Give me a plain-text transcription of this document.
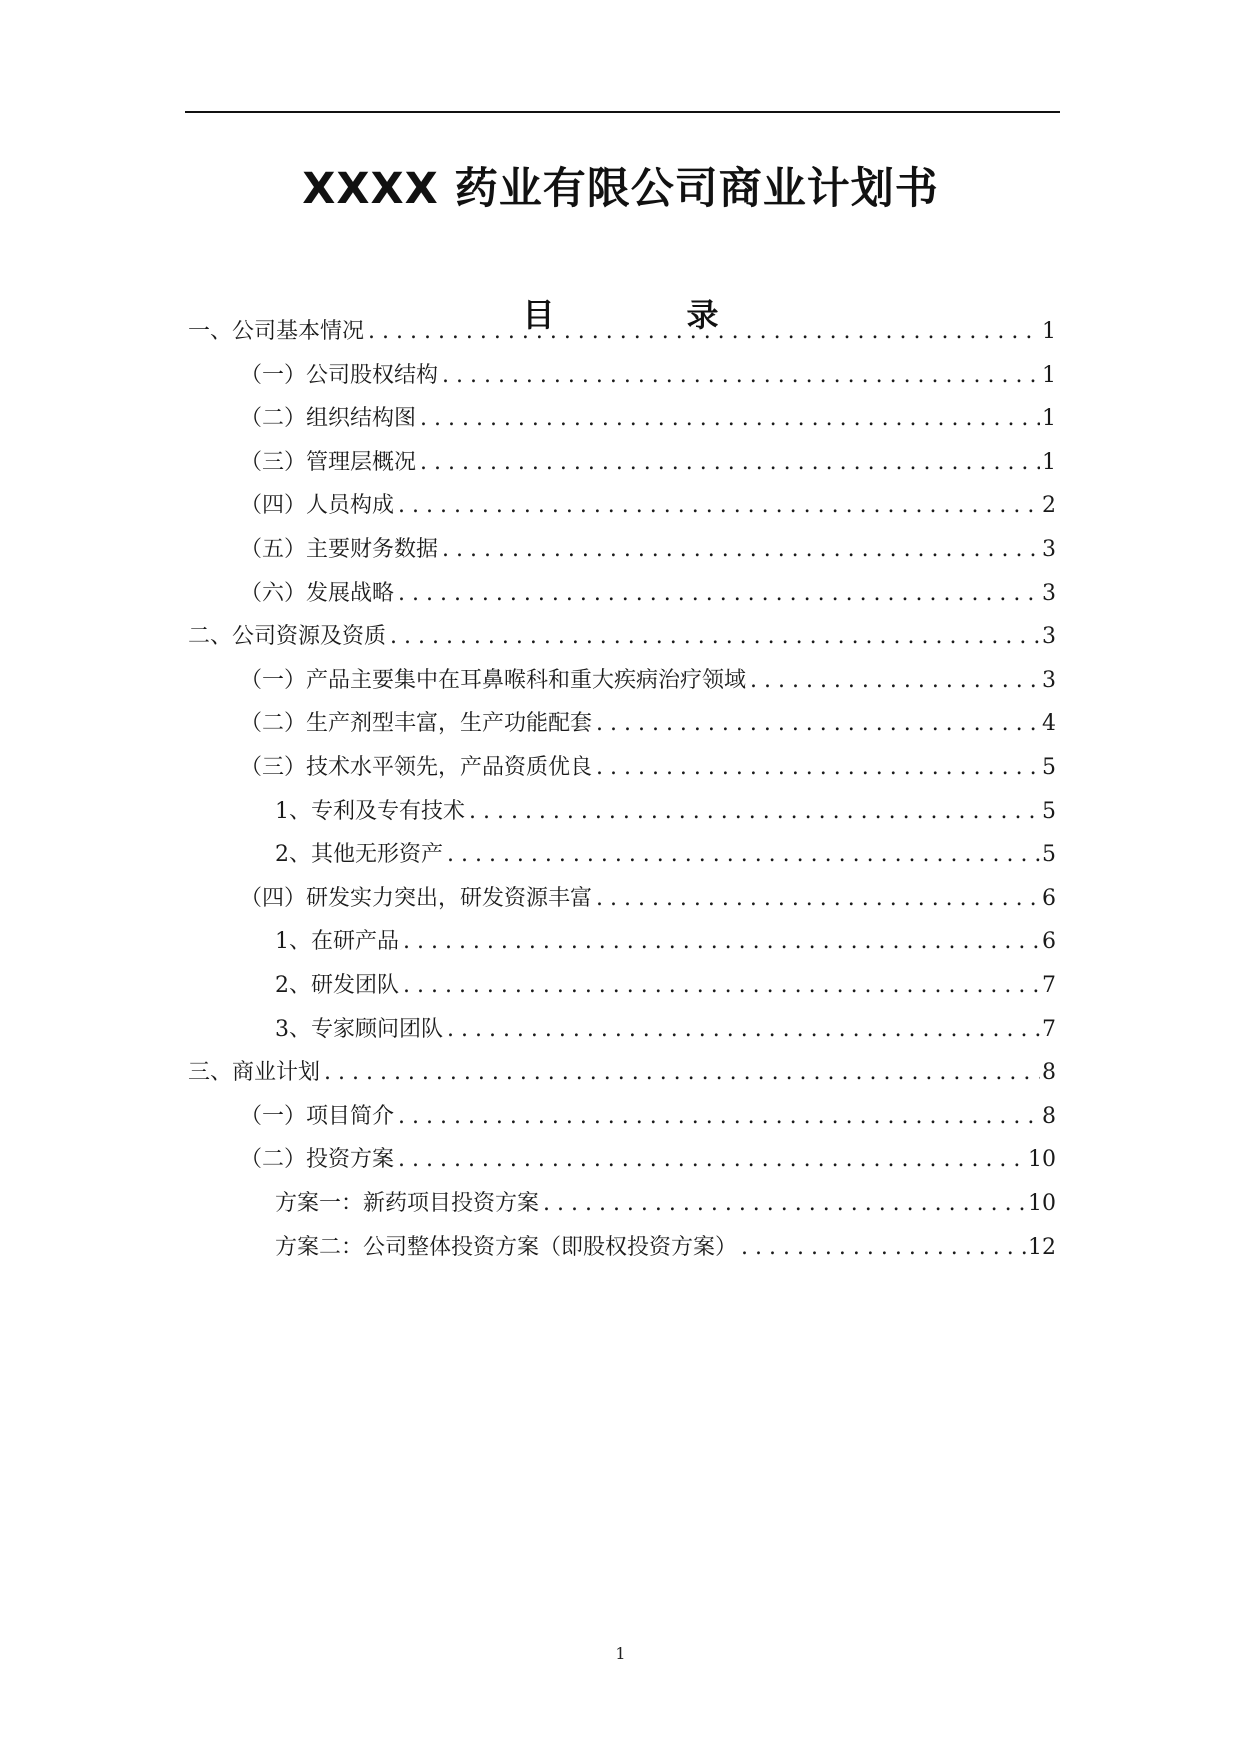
XXXX 药业有限公司商业计划书
目　录
一、公司基本情况 . . .	1
（一）公司股权结构 . . .	1
（二）组织结构图 . . .	1
（三）管理层概况 . . .	1
（四）人员构成 . . .	2
（五）主要财务数据 . . .	3
（六）发展战略 . . .	3
二、公司资源及资质 . . .	3
（一）产品主要集中在耳鼻喉科和重大疾病治疗领域 . . .	3
（二）生产剂型丰富，生产功能配套 . . .	4
（三）技术水平领先，产品资质优良 . . .	5
1、专利及专有技术 . . .	5
2、其他无形资产 . . .	5
（四）研发实力突出，研发资源丰富 . . .	6
1、在研产品 . . .	6
2、研发团队 . . .	7
3、专家顾问团队 . . .	7
三、商业计划 . . .	8
（一）项目简介 . . .	8
（二）投资方案 . . .	10
方案一：新药项目投资方案 . . .	10
方案二：公司整体投资方案（即股权投资方案） . . .	12
1
